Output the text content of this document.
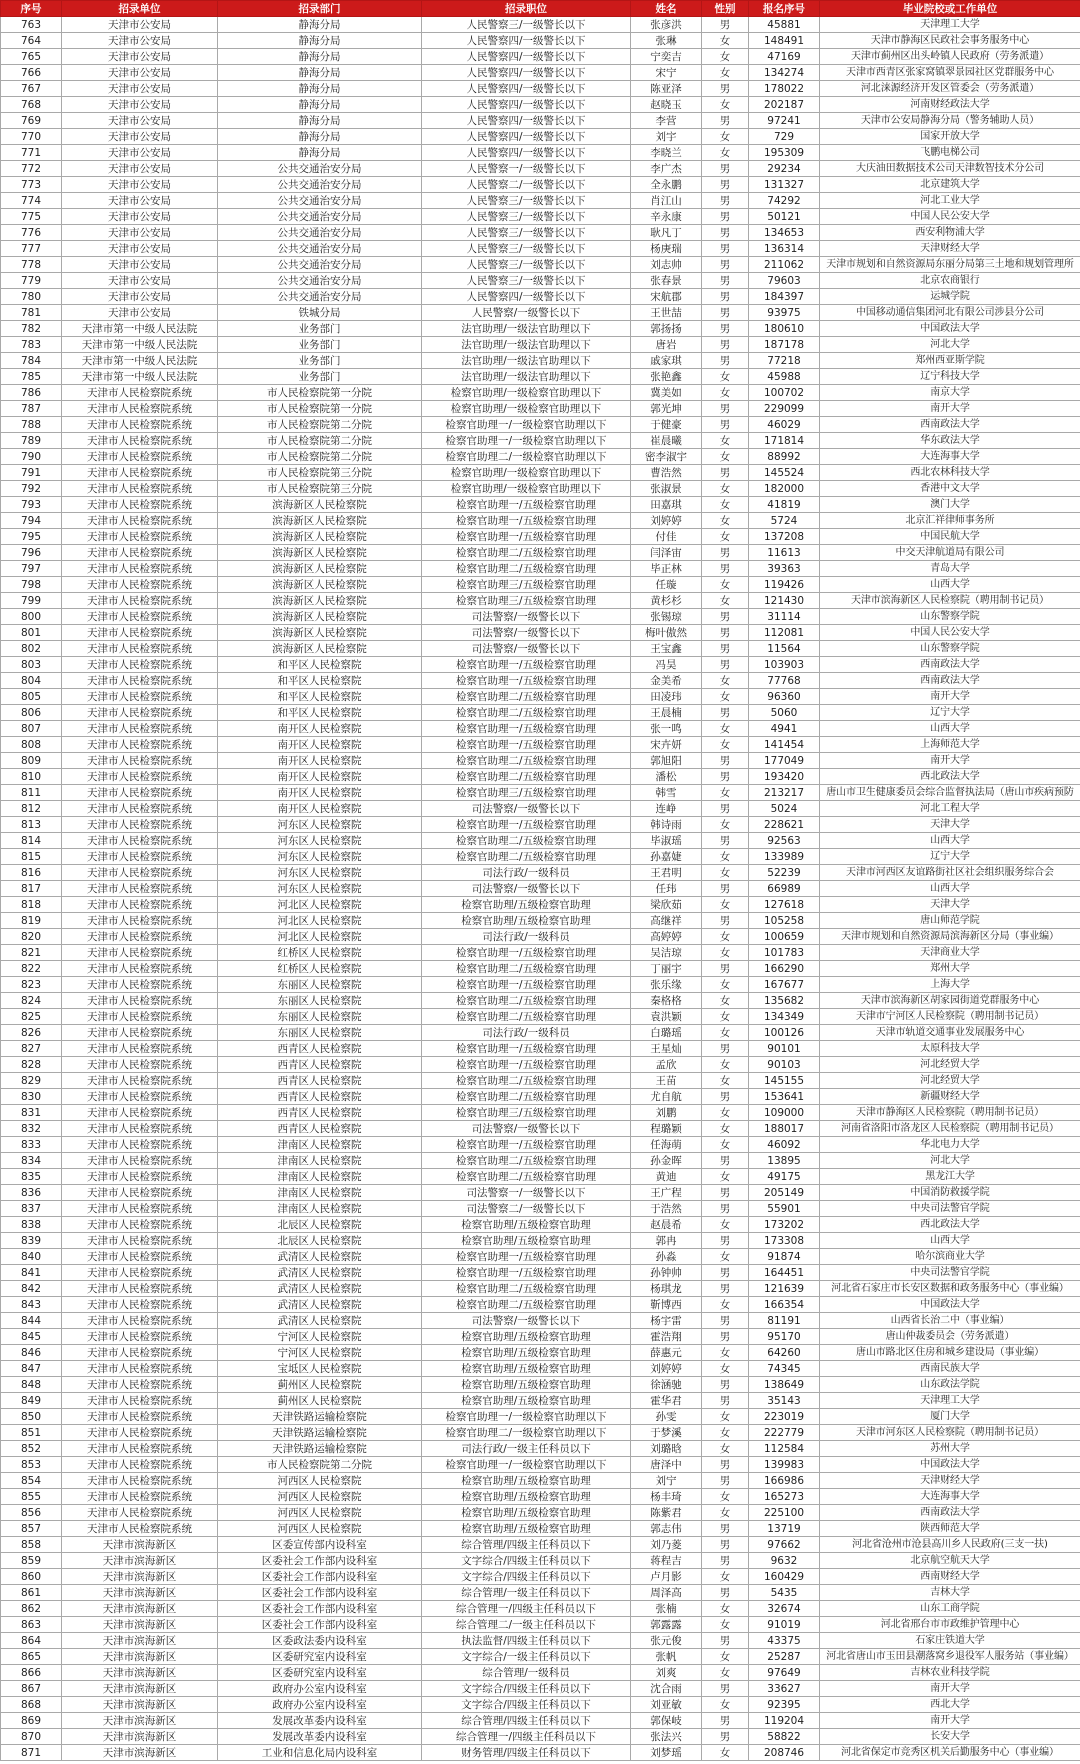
序号	招录单位	招录部门	招录职位	姓名	性别	报名序号	毕业院校或工作单位
763	天津市公安局	静海分局	人民警察三/一级警长以下	张彦洪	男	45881	天津理工大学
764	天津市公安局	静海分局	人民警察四/一级警长以下	张琳	女	148491	天津市静海区民政社会事务服务中心
765	天津市公安局	静海分局	人民警察四/一级警长以下	宁奕吉	女	47169	天津市蓟州区出头岭镇人民政府（劳务派遣）
766	天津市公安局	静海分局	人民警察四/一级警长以下	宋宁	女	134274	天津市西青区张家窝镇翠景园社区党群服务中心
767	天津市公安局	静海分局	人民警察四/一级警长以下	陈亚泽	男	178022	河北涞源经济开发区管委会（劳务派遣）
768	天津市公安局	静海分局	人民警察四/一级警长以下	赵晓玉	女	202187	河南财经政法大学
769	天津市公安局	静海分局	人民警察四/一级警长以下	李营	男	97241	天津市公安局静海分局（警务辅助人员）
770	天津市公安局	静海分局	人民警察四/一级警长以下	刘宇	女	729	国家开放大学
771	天津市公安局	静海分局	人民警察四/一级警长以下	李晓兰	女	195309	飞鹏电梯公司
772	天津市公安局	公共交通治安分局	人民警察一/一级警长以下	李广杰	男	29234	大庆油田数据技术公司天津数智技术分公司
773	天津市公安局	公共交通治安分局	人民警察二/一级警长以下	全永鹏	男	131327	北京建筑大学
774	天津市公安局	公共交通治安分局	人民警察三/一级警长以下	肖江山	男	74292	河北工业大学
775	天津市公安局	公共交通治安分局	人民警察三/一级警长以下	辛永康	男	50121	中国人民公安大学
776	天津市公安局	公共交通治安分局	人民警察三/一级警长以下	耿凡丁	男	134653	西安利物浦大学
777	天津市公安局	公共交通治安分局	人民警察三/一级警长以下	杨庚瑞	男	136314	天津财经大学
778	天津市公安局	公共交通治安分局	人民警察三/一级警长以下	刘志帅	男	211062	天津市规划和自然资源局东丽分局第三土地和规划管理所
779	天津市公安局	公共交通治安分局	人民警察三/一级警长以下	张春景	男	79603	北京农商银行
780	天津市公安局	公共交通治安分局	人民警察四/一级警长以下	宋航郡	男	184397	运城学院
781	天津市公安局	铁城分局	人民警察/一级警长以下	王世喆	男	93975	中国移动通信集团河北有限公司涉县分公司
782	天津市第一中级人民法院	业务部门	法官助理/一级法官助理以下	郭扬扬	男	180610	中国政法大学
783	天津市第一中级人民法院	业务部门	法官助理/一级法官助理以下	唐岩	男	187178	河北大学
784	天津市第一中级人民法院	业务部门	法官助理/一级法官助理以下	戚家琪	男	77218	郑州西亚斯学院
785	天津市第一中级人民法院	业务部门	法官助理/一级法官助理以下	张艳鑫	女	45988	辽宁科技大学
786	天津市人民检察院系统	市人民检察院第一分院	检察官助理/一级检察官助理以下	冀美如	女	100702	南京大学
787	天津市人民检察院系统	市人民检察院第一分院	检察官助理/一级检察官助理以下	郭光坤	男	229099	南开大学
788	天津市人民检察院系统	市人民检察院第二分院	检察官助理一/一级检察官助理以下	于健豪	男	46029	西南政法大学
789	天津市人民检察院系统	市人民检察院第二分院	检察官助理一/一级检察官助理以下	崔晨曦	女	171814	华东政法大学
790	天津市人民检察院系统	市人民检察院第二分院	检察官助理二/一级检察官助理以下	密李淑宇	女	88992	大连海事大学
791	天津市人民检察院系统	市人民检察院第三分院	检察官助理/一级检察官助理以下	曹浩然	男	145524	西北农林科技大学
792	天津市人民检察院系统	市人民检察院第三分院	检察官助理/一级检察官助理以下	张淑景	女	182000	香港中文大学
793	天津市人民检察院系统	滨海新区人民检察院	检察官助理一/五级检察官助理	田嘉琪	女	41819	澳门大学
794	天津市人民检察院系统	滨海新区人民检察院	检察官助理一/五级检察官助理	刘婷婷	女	5724	北京汇祥律师事务所
795	天津市人民检察院系统	滨海新区人民检察院	检察官助理一/五级检察官助理	付佳	女	137208	中国民航大学
796	天津市人民检察院系统	滨海新区人民检察院	检察官助理二/五级检察官助理	闫泽宙	男	11613	中交天津航道局有限公司
797	天津市人民检察院系统	滨海新区人民检察院	检察官助理二/五级检察官助理	毕正林	男	39363	青岛大学
798	天津市人民检察院系统	滨海新区人民检察院	检察官助理三/五级检察官助理	任璇	女	119426	山西大学
799	天津市人民检察院系统	滨海新区人民检察院	检察官助理三/五级检察官助理	黄杉杉	女	121430	天津市滨海新区人民检察院（聘用制书记员）
800	天津市人民检察院系统	滨海新区人民检察院	司法警察/一级警长以下	张锡琼	男	31114	山东警察学院
801	天津市人民检察院系统	滨海新区人民检察院	司法警察/一级警长以下	梅叶傲然	男	112081	中国人民公安大学
802	天津市人民检察院系统	滨海新区人民检察院	司法警察/一级警长以下	王宝鑫	男	11564	山东警察学院
803	天津市人民检察院系统	和平区人民检察院	检察官助理一/五级检察官助理	冯昊	男	103903	西南政法大学
804	天津市人民检察院系统	和平区人民检察院	检察官助理一/五级检察官助理	金美希	女	77768	西南政法大学
805	天津市人民检察院系统	和平区人民检察院	检察官助理二/五级检察官助理	田凌玮	女	96360	南开大学
806	天津市人民检察院系统	和平区人民检察院	检察官助理二/五级检察官助理	王晨楠	男	5060	辽宁大学
807	天津市人民检察院系统	南开区人民检察院	检察官助理一/五级检察官助理	张一鸣	女	4941	山西大学
808	天津市人民检察院系统	南开区人民检察院	检察官助理一/五级检察官助理	宋卉妍	女	141454	上海师范大学
809	天津市人民检察院系统	南开区人民检察院	检察官助理二/五级检察官助理	郭旭阳	男	177049	南开大学
810	天津市人民检察院系统	南开区人民检察院	检察官助理二/五级检察官助理	潘松	男	193420	西北政法大学
811	天津市人民检察院系统	南开区人民检察院	检察官助理三/五级检察官助理	韩雪	女	213217	唐山市卫生健康委员会综合监督执法局（唐山市疾病预防
812	天津市人民检察院系统	南开区人民检察院	司法警察/一级警长以下	连峥	男	5024	河北工程大学
813	天津市人民检察院系统	河东区人民检察院	检察官助理一/五级检察官助理	韩诗雨	女	228621	天津大学
814	天津市人民检察院系统	河东区人民检察院	检察官助理二/五级检察官助理	毕淑瑶	男	92563	山西大学
815	天津市人民检察院系统	河东区人民检察院	检察官助理二/五级检察官助理	孙嘉婕	女	133989	辽宁大学
816	天津市人民检察院系统	河东区人民检察院	司法行政/一级科员	王君明	女	52239	天津市河西区友谊路街社区社会组织服务综合会
817	天津市人民检察院系统	河东区人民检察院	司法警察/一级警长以下	任玮	男	66989	山西大学
818	天津市人民检察院系统	河北区人民检察院	检察官助理/五级检察官助理	梁欣茹	女	127618	天津大学
819	天津市人民检察院系统	河北区人民检察院	检察官助理/五级检察官助理	高继祥	男	105258	唐山师范学院
820	天津市人民检察院系统	河北区人民检察院	司法行政/一级科员	高婷婷	女	100659	天津市规划和自然资源局滨海新区分局（事业编）
821	天津市人民检察院系统	红桥区人民检察院	检察官助理一/五级检察官助理	吴洁琼	女	101783	天津商业大学
822	天津市人民检察院系统	红桥区人民检察院	检察官助理二/五级检察官助理	丁丽宇	男	166290	郑州大学
823	天津市人民检察院系统	东丽区人民检察院	检察官助理一/五级检察官助理	张乐缘	女	167677	上海大学
824	天津市人民检察院系统	东丽区人民检察院	检察官助理二/五级检察官助理	秦格格	女	135682	天津市滨海新区胡家园街道党群服务中心
825	天津市人民检察院系统	东丽区人民检察院	检察官助理二/五级检察官助理	袁洪颖	女	134349	天津市宁河区人民检察院（聘用制书记员）
826	天津市人民检察院系统	东丽区人民检察院	司法行政/一级科员	白璐瑶	女	100126	天津市轨道交通事业发展服务中心
827	天津市人民检察院系统	西青区人民检察院	检察官助理一/五级检察官助理	王星灿	男	90101	太原科技大学
828	天津市人民检察院系统	西青区人民检察院	检察官助理一/五级检察官助理	孟欣	女	90103	河北经贸大学
829	天津市人民检察院系统	西青区人民检察院	检察官助理二/五级检察官助理	王苗	女	145155	河北经贸大学
830	天津市人民检察院系统	西青区人民检察院	检察官助理二/五级检察官助理	尤自航	男	153641	新疆财经大学
831	天津市人民检察院系统	西青区人民检察院	检察官助理三/五级检察官助理	刘鹏	女	109000	天津市静海区人民检察院（聘用制书记员）
832	天津市人民检察院系统	西青区人民检察院	司法警察/一级警长以下	程璐颖	女	188017	河南省洛阳市洛龙区人民检察院（聘用制书记员）
833	天津市人民检察院系统	津南区人民检察院	检察官助理一/五级检察官助理	任海萌	女	46092	华北电力大学
834	天津市人民检察院系统	津南区人民检察院	检察官助理二/五级检察官助理	孙金晖	男	13895	河北大学
835	天津市人民检察院系统	津南区人民检察院	检察官助理二/五级检察官助理	黄迪	女	49175	黑龙江大学
836	天津市人民检察院系统	津南区人民检察院	司法警察一/一级警长以下	王广程	男	205149	中国消防救援学院
837	天津市人民检察院系统	津南区人民检察院	司法警察二/一级警长以下	于浩然	男	55901	中央司法警官学院
838	天津市人民检察院系统	北辰区人民检察院	检察官助理/五级检察官助理	赵晨希	女	173202	西北政法大学
839	天津市人民检察院系统	北辰区人民检察院	检察官助理/五级检察官助理	郭冉	男	173308	山西大学
840	天津市人民检察院系统	武清区人民检察院	检察官助理一/五级检察官助理	孙淼	女	91874	哈尔滨商业大学
841	天津市人民检察院系统	武清区人民检察院	检察官助理一/五级检察官助理	孙钟帅	男	164451	中央司法警官学院
842	天津市人民检察院系统	武清区人民检察院	检察官助理二/五级检察官助理	杨琪龙	男	121639	河北省石家庄市长安区数据和政务服务中心（事业编）
843	天津市人民检察院系统	武清区人民检察院	检察官助理二/五级检察官助理	靳博西	女	166354	中国政法大学
844	天津市人民检察院系统	武清区人民检察院	司法警察/一级警长以下	杨宇雷	男	81191	山西省长治二中（事业编）
845	天津市人民检察院系统	宁河区人民检察院	检察官助理/五级检察官助理	霍浩翔	男	95170	唐山仲裁委员会（劳务派遣）
846	天津市人民检察院系统	宁河区人民检察院	检察官助理/五级检察官助理	薛惠元	女	64260	唐山市路北区住房和城乡建设局（事业编）
847	天津市人民检察院系统	宝坻区人民检察院	检察官助理/五级检察官助理	刘婷婷	女	74345	西南民族大学
848	天津市人民检察院系统	蓟州区人民检察院	检察官助理/五级检察官助理	徐涵驰	男	138649	山东政法学院
849	天津市人民检察院系统	蓟州区人民检察院	检察官助理/五级检察官助理	霍华君	男	35143	天津理工大学
850	天津市人民检察院系统	天津铁路运输检察院	检察官助理一/一级检察官助理以下	孙雯	女	223019	厦门大学
851	天津市人民检察院系统	天津铁路运输检察院	检察官助理二/一级检察官助理以下	于梦溪	女	222779	天津市河东区人民检察院（聘用制书记员）
852	天津市人民检察院系统	天津铁路运输检察院	司法行政/一级主任科员以下	刘璐晗	女	112584	苏州大学
853	天津市人民检察院系统	市人民检察院第二分院	检察官助理一/一级检察官助理以下	唐泽中	男	139983	中国政法大学
854	天津市人民检察院系统	河西区人民检察院	检察官助理/五级检察官助理	刘宁	男	166986	天津财经大学
855	天津市人民检察院系统	河西区人民检察院	检察官助理/五级检察官助理	杨丰琦	女	165273	大连海事大学
856	天津市人民检察院系统	河西区人民检察院	检察官助理/五级检察官助理	陈紫君	女	225100	西南政法大学
857	天津市人民检察院系统	河西区人民检察院	检察官助理/五级检察官助理	郭志伟	男	13719	陕西师范大学
858	天津市滨海新区	区委宣传部内设科室	综合管理/四级主任科员以下	刘乃菱	男	97662	河北省沧州市沧县高川乡人民政府(三支一扶)
859	天津市滨海新区	区委社会工作部内设科室	文字综合/四级主任科员以下	蒋程吉	男	9632	北京航空航天大学
860	天津市滨海新区	区委社会工作部内设科室	文字综合/四级主任科员以下	卢月影	女	160429	西南财经大学
861	天津市滨海新区	区委社会工作部内设科室	综合管理/一级主任科员以下	周泽高	男	5435	吉林大学
862	天津市滨海新区	区委社会工作部内设科室	综合管理一/四级主任科员以下	张楠	女	32674	山东工商学院
863	天津市滨海新区	区委社会工作部内设科室	综合管理二/一级主任科员以下	郭露露	女	91019	河北省邢台市市政维护管理中心
864	天津市滨海新区	区委政法委内设科室	执法监督/四级主任科员以下	张元俊	男	43375	石家庄铁道大学
865	天津市滨海新区	区委研究室内设科室	文字综合/一级主任科员以下	张帆	女	25287	河北省唐山市玉田县潮落窝乡退役军人服务站（事业编）
866	天津市滨海新区	区委研究室内设科室	综合管理/一级科员	刘爽	女	97649	吉林农业科技学院
867	天津市滨海新区	政府办公室内设科室	文字综合/四级主任科员以下	沈合雨	男	33627	南开大学
868	天津市滨海新区	政府办公室内设科室	文字综合/四级主任科员以下	刘亚敏	女	92395	西北大学
869	天津市滨海新区	发展改革委内设科室	综合管理/四级主任科员以下	郭保岐	男	119204	南开大学
870	天津市滨海新区	发展改革委内设科室	综合管理一/四级主任科员以下	张法兴	男	58822	长安大学
871	天津市滨海新区	工业和信息化局内设科室	财务管理/四级主任科员以下	刘梦瑶	女	208746	河北省保定市竞秀区机关后勤服务中心（事业编）
